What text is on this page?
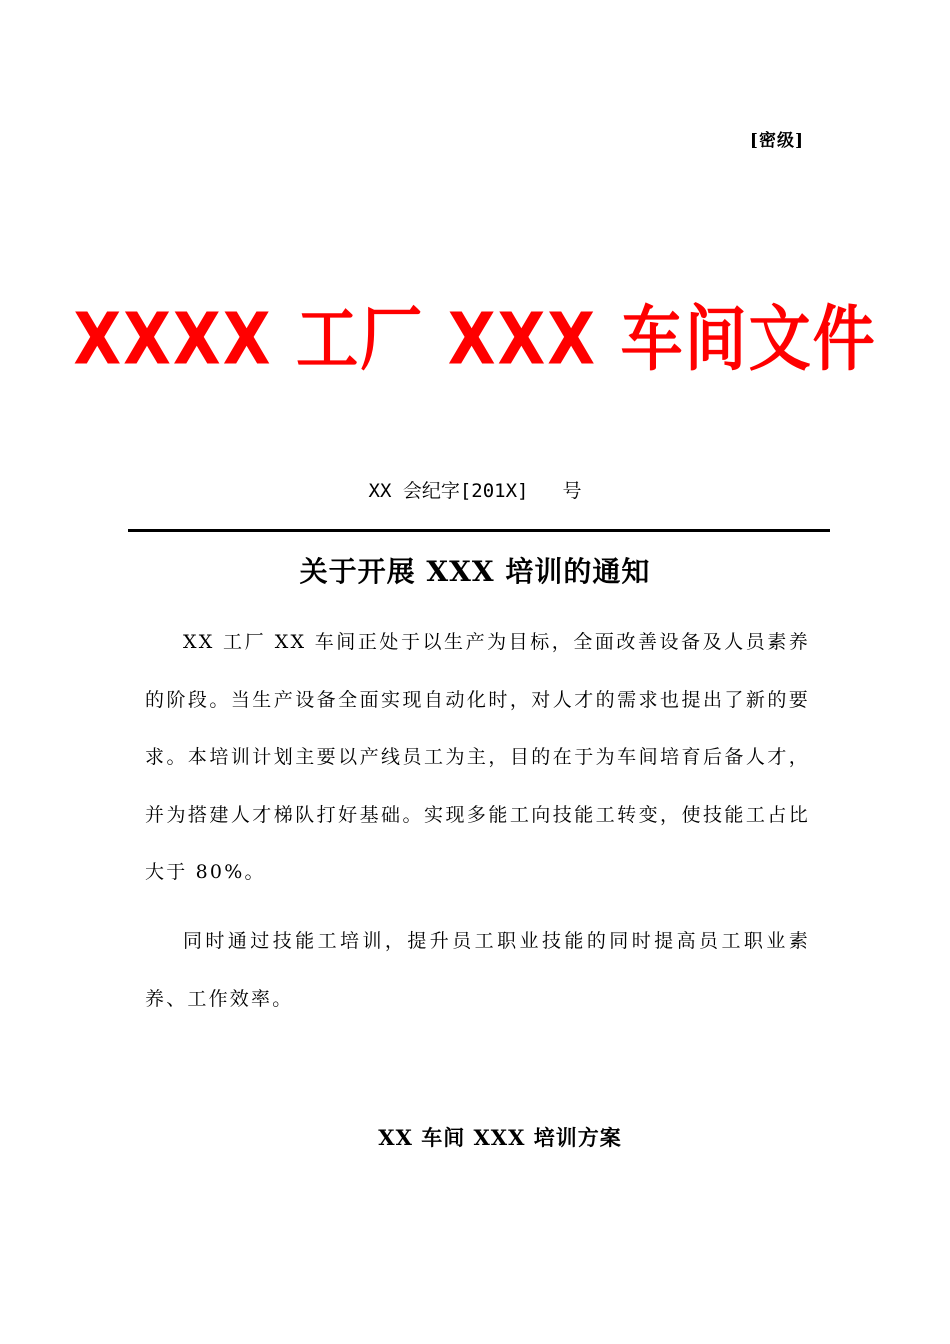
[密级]
XXXX 工厂 XXX 车间文件
XX 会纪字[201X] 号
关于开展 XXX 培训的通知

XX 工厂 XX 车间正处于以生产为目标，全面改善设备及人员素养的阶段。当生产设备全面实现自动化时，对人才的需求也提出了新的要求。本培训计划主要以产线员工为主，目的在于为车间培育后备人才，并为搭建人才梯队打好基础。实现多能工向技能工转变，使技能工占比大于 80%。

同时通过技能工培训，提升员工职业技能的同时提高员工职业素养、工作效率。

XX 车间 XXX 培训方案
